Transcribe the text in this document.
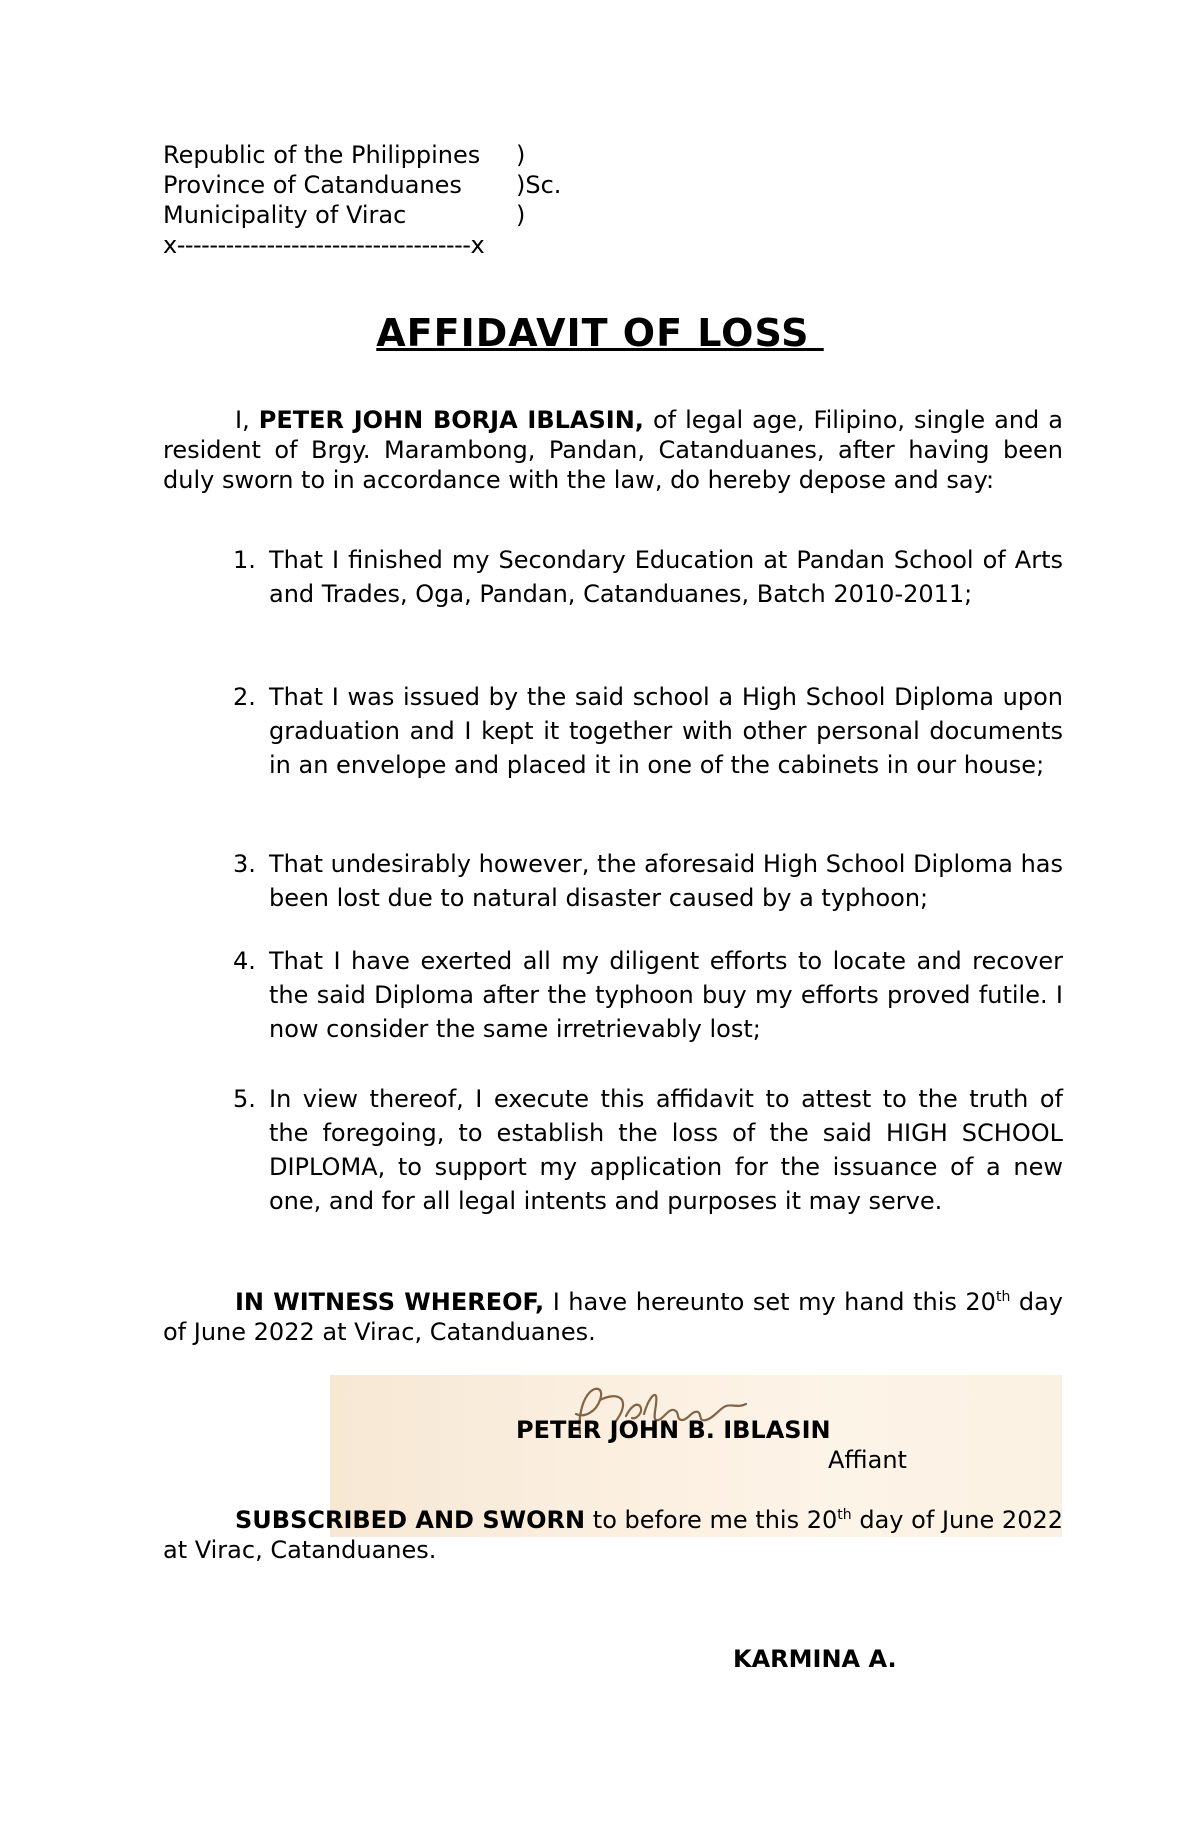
Republic of the Philippines )
Province of Catanduanes )Sc.
Municipality of Virac	)
x------------------------------------x
AFFIDAVIT OF LOSS
I, PETER JOHN BORJA IBLASIN, of legal age, Filipino, single and a resident of Brgy. Marambong, Pandan, Catanduanes, after having been duly sworn to in accordance with the law, do hereby depose and say:
1. That I finished my Secondary Education at Pandan School of Arts and Trades, Oga, Pandan, Catanduanes, Batch 2010-2011;
2. That I was issued by the said school a High School Diploma upon graduation and I kept it together with other personal documents in an envelope and placed it in one of the cabinets in our house;
3. That undesirably however, the aforesaid High School Diploma has been lost due to natural disaster caused by a typhoon;
4. That I have exerted all my diligent efforts to locate and recover the said Diploma after the typhoon buy my efforts proved futile. I now consider the same irretrievably lost;
5. In view thereof, I execute this affidavit to attest to the truth of the foregoing, to establish the loss of the said HIGH SCHOOL DIPLOMA, to support my application for the issuance of a new one, and for all legal intents and purposes it may serve.
IN WITNESS WHEREOF, I have hereunto set my hand this 20th day of June 2022 at Virac, Catanduanes.
PETER JOHN B. IBLASIN
Affiant
SUBSCRIBED AND SWORN to before me this 20th day of June 2022 at Virac, Catanduanes.
KARMINA A.
